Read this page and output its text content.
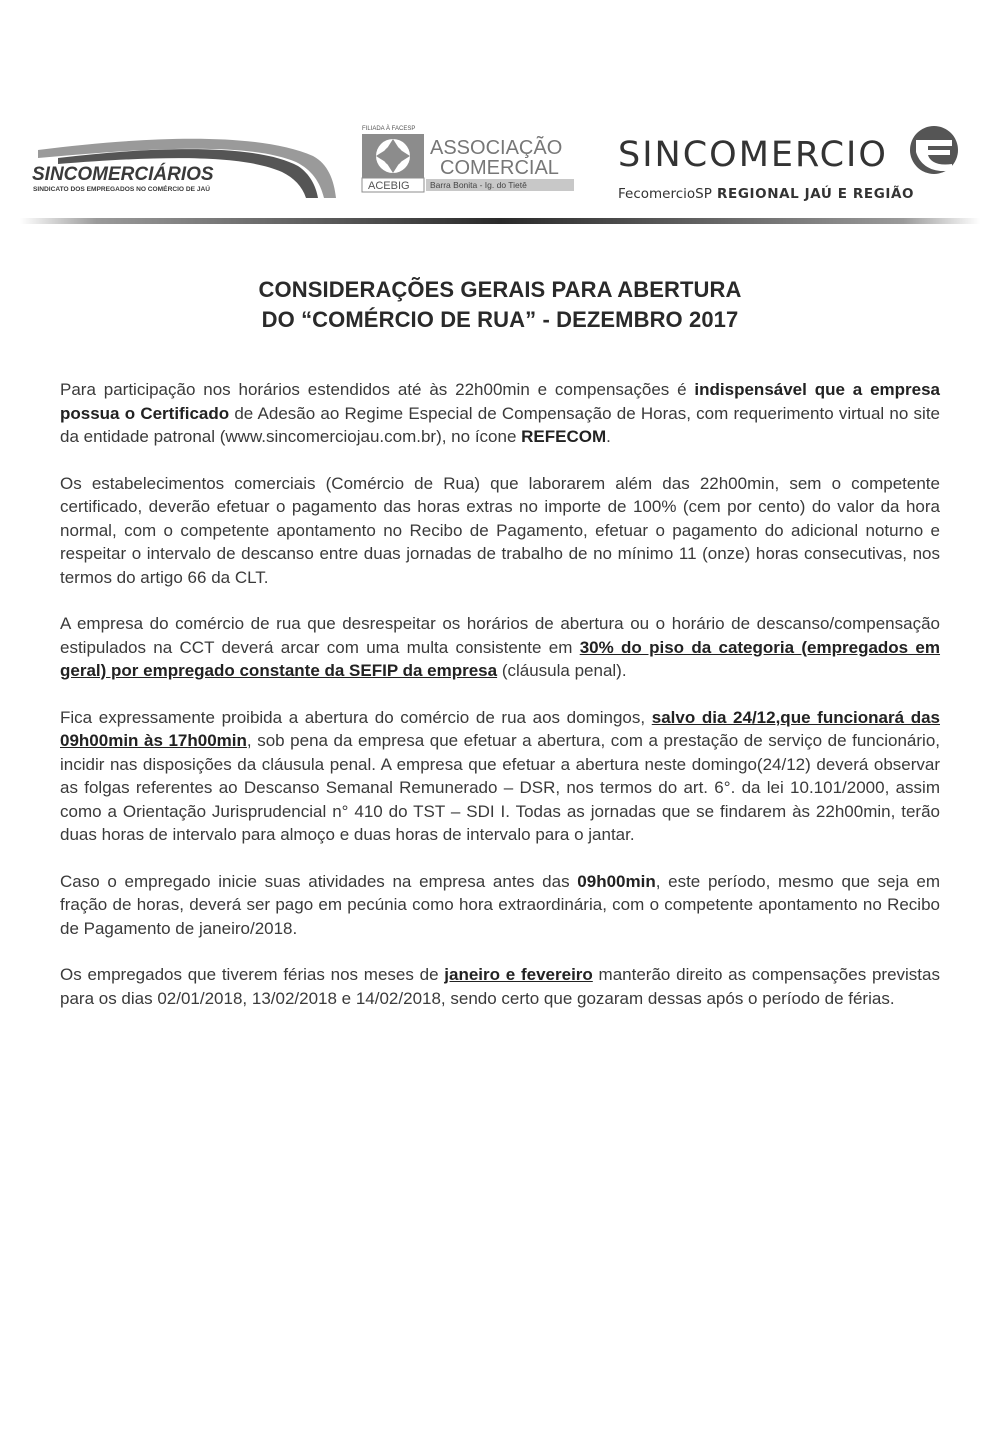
SINCOMERCIÁRIOS
SINDICATO DOS EMPREGADOS NO COMÉRCIO DE JAÚ
FILIADA À FACESP
ASSOCIAÇÃO
COMERCIAL
ACEBIG Barra Bonita - Ig. do Tietê
SINCOMERCIO
FecomercioSP REGIONAL JAÚ E REGIÃO
CONSIDERAÇÕES GERAIS PARA ABERTURA
DO “COMÉRCIO DE RUA” - DEZEMBRO 2017

Para participação nos horários estendidos até às 22h00min e compensações é indispensável que a empresa possua o Certificado de Adesão ao Regime Especial de Compensação de Horas, com requerimento virtual no site da entidade patronal (www.sincomerciojau.com.br), no ícone REFECOM.

Os estabelecimentos comerciais (Comércio de Rua) que laborarem além das 22h00min, sem o competente certificado, deverão efetuar o pagamento das horas extras no importe de 100% (cem por cento) do valor da hora normal, com o competente apontamento no Recibo de Pagamento, efetuar o pagamento do adicional noturno e respeitar o intervalo de descanso entre duas jornadas de trabalho de no mínimo 11 (onze) horas consecutivas, nos termos do artigo 66 da CLT.

A empresa do comércio de rua que desrespeitar os horários de abertura ou o horário de descanso/compensação estipulados na CCT deverá arcar com uma multa consistente em 30% do piso da categoria (empregados em geral) por empregado constante da SEFIP da empresa (cláusula penal).

Fica expressamente proibida a abertura do comércio de rua aos domingos, salvo dia 24/12,que funcionará das 09h00min às 17h00min, sob pena da empresa que efetuar a abertura, com a prestação de serviço de funcionário, incidir nas disposições da cláusula penal. A empresa que efetuar a abertura neste domingo(24/12) deverá observar as folgas referentes ao Descanso Semanal Remunerado – DSR, nos termos do art. 6°. da lei 10.101/2000, assim como a Orientação Jurisprudencial n° 410 do TST – SDI I. Todas as jornadas que se findarem às 22h00min, terão duas horas de intervalo para almoço e duas horas de intervalo para o jantar.

Caso o empregado inicie suas atividades na empresa antes das 09h00min, este período, mesmo que seja em fração de horas, deverá ser pago em pecúnia como hora extraordinária, com o competente apontamento no Recibo de Pagamento de janeiro/2018.

Os empregados que tiverem férias nos meses de janeiro e fevereiro manterão direito as compensações previstas para os dias 02/01/2018, 13/02/2018 e 14/02/2018, sendo certo que gozaram dessas após o período de férias.
